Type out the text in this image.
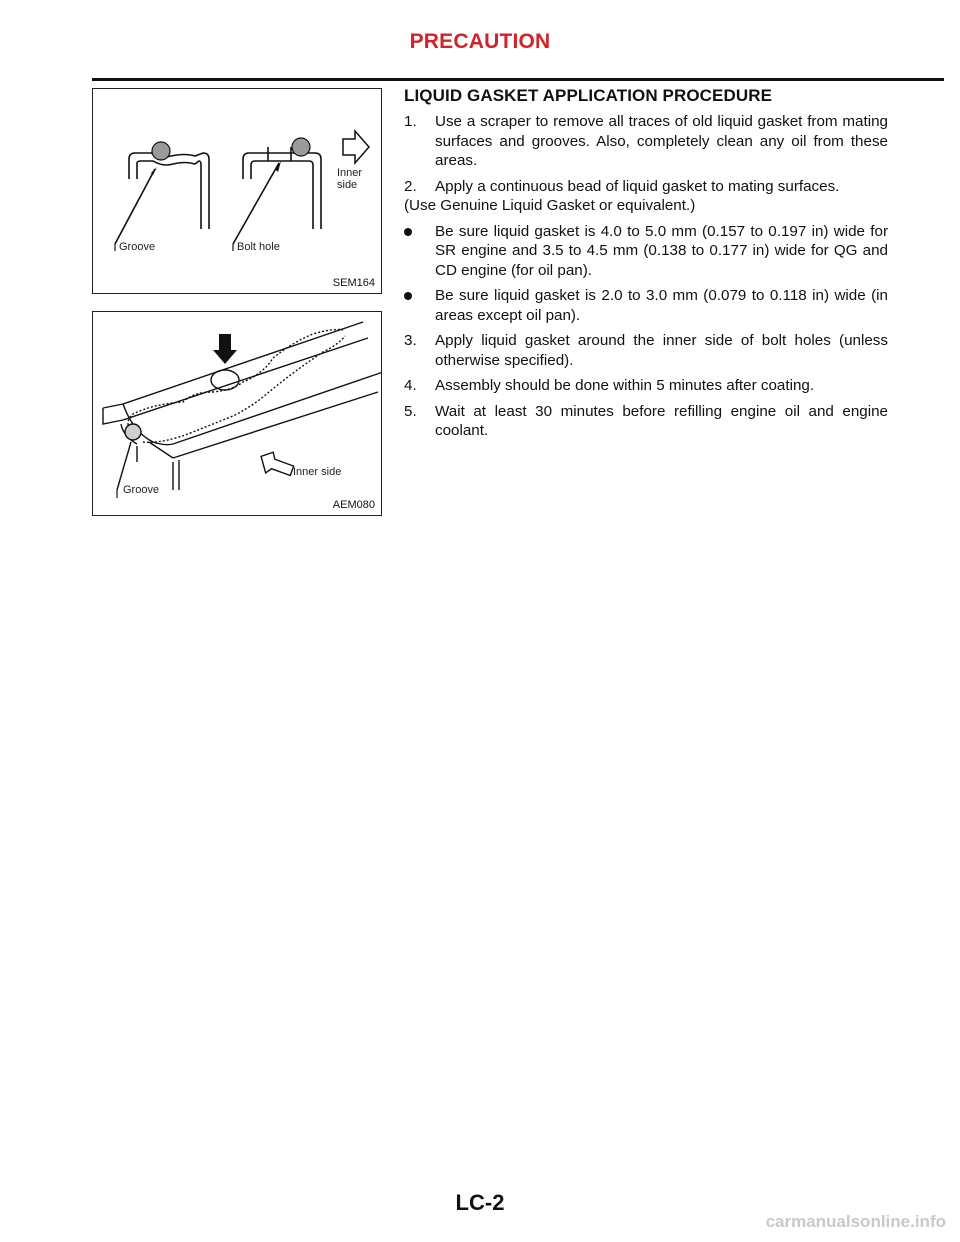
PRECAUTION
Groove	Bolt hole
Inner
side
SEM164
Groove
Inner side
AEM080
LIQUID GASKET APPLICATION PROCEDURE
1. Use a scraper to remove all traces of old liquid gasket from mating surfaces and grooves. Also, completely clean any oil from these areas.
2. Apply a continuous bead of liquid gasket to mating surfaces.
(Use Genuine Liquid Gasket or equivalent.)
Be sure liquid gasket is 4.0 to 5.0 mm (0.157 to 0.197 in) wide for SR engine and 3.5 to 4.5 mm (0.138 to 0.177 in) wide for QG and CD engine (for oil pan).
Be sure liquid gasket is 2.0 to 3.0 mm (0.079 to 0.118 in) wide (in areas except oil pan).
3. Apply liquid gasket around the inner side of bolt holes (unless otherwise specified).
4. Assembly should be done within 5 minutes after coating.
5. Wait at least 30 minutes before refilling engine oil and engine coolant.
LC-2
carmanualsonline.info
